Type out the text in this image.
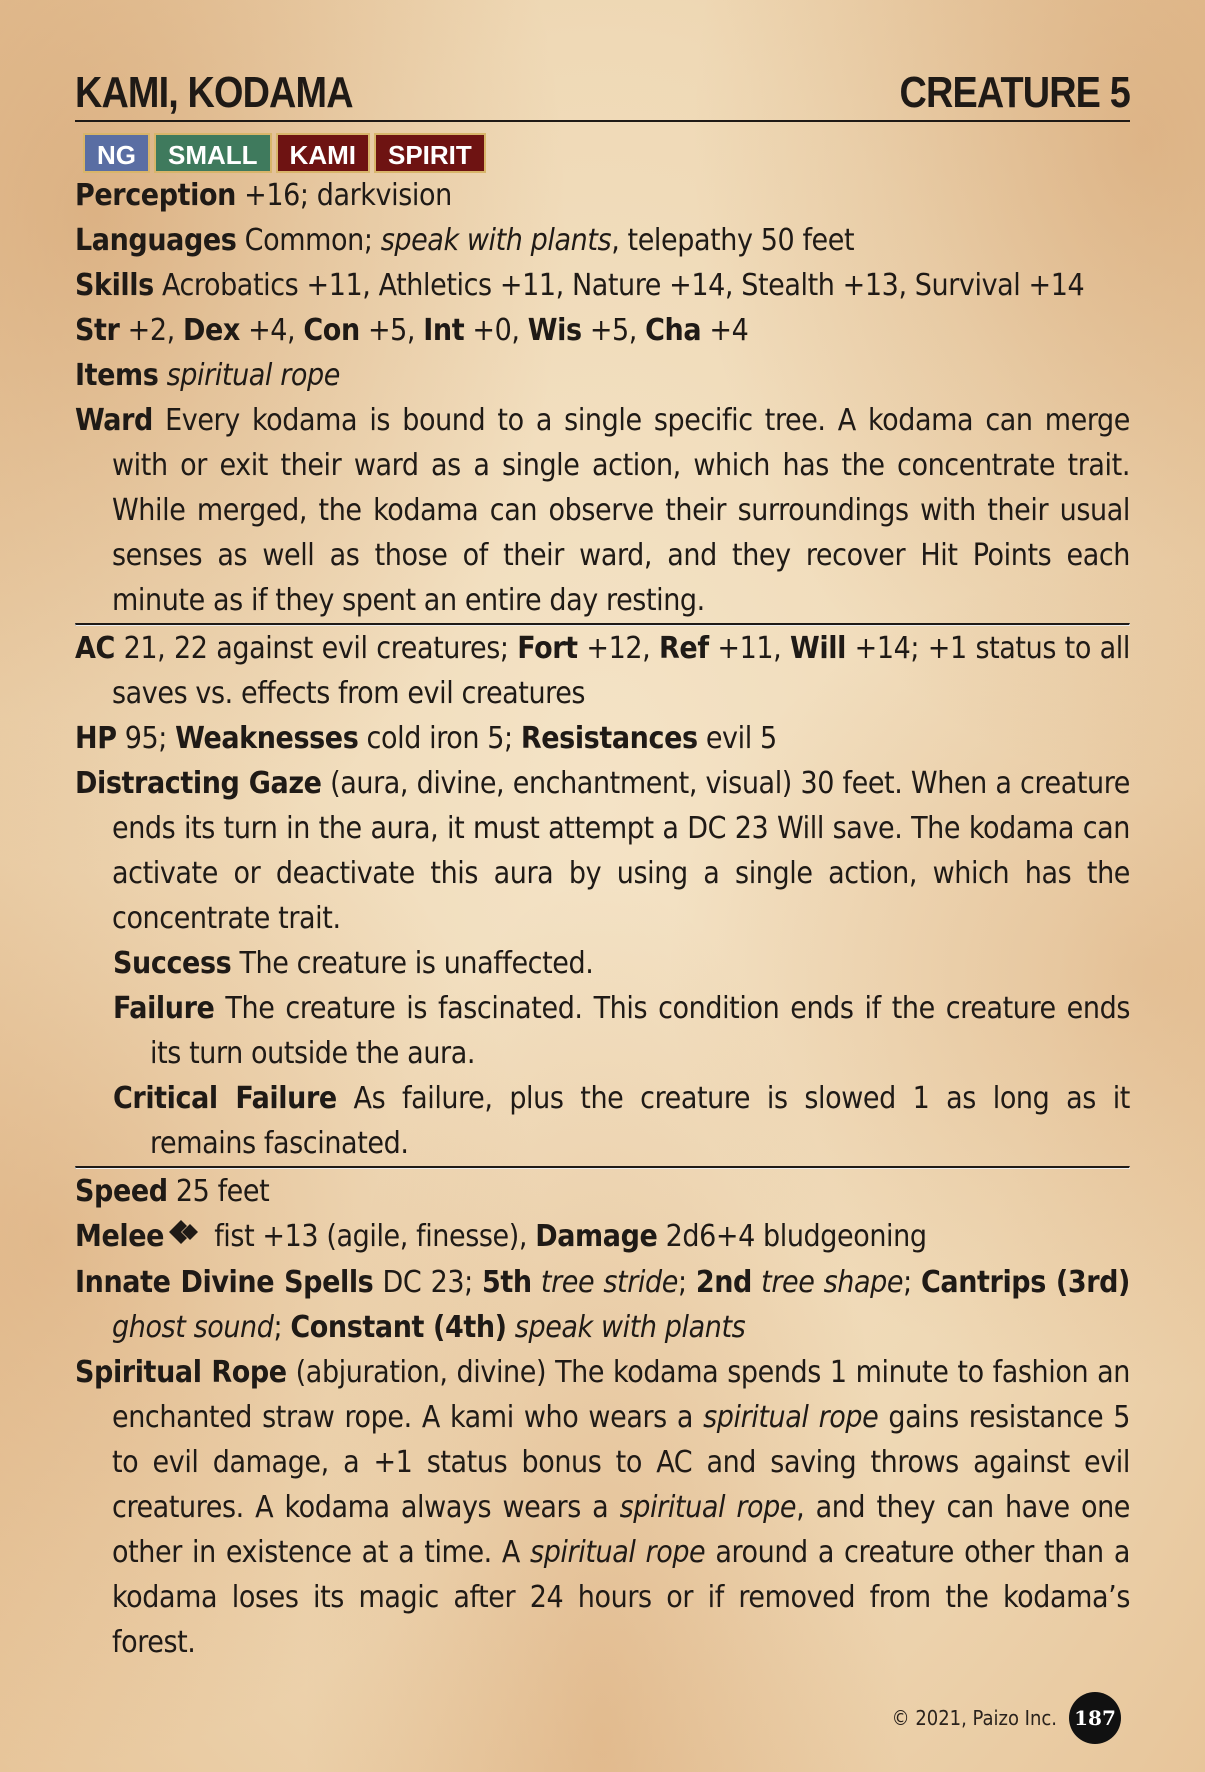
KAMI, KODAMA	CREATURE 5
NG	SMALL	KAMI	SPIRIT
Perception +16; darkvision
Languages Common; speak with plants, telepathy 50 feet
Skills Acrobatics +11, Athletics +11, Nature +14, Stealth +13, Survival +14
Str +2, Dex +4, Con +5, Int +0, Wis +5, Cha +4
Items spiritual rope
Ward Every kodama is bound to a single specific tree. A kodama can merge with or exit their ward as a single action, which has the concentrate trait. While merged, the kodama can observe their surroundings with their usual senses as well as those of their ward, and they recover Hit Points each minute as if they spent an entire day resting.
AC 21, 22 against evil creatures; Fort +12, Ref +11, Will +14; +1 status to all saves vs. effects from evil creatures
HP 95; Weaknesses cold iron 5; Resistances evil 5
Distracting Gaze (aura, divine, enchantment, visual) 30 feet. When a creature ends its turn in the aura, it must attempt a DC 23 Will save. The kodama can activate or deactivate this aura by using a single action, which has the concentrate trait.
Success The creature is unaffected.
Failure The creature is fascinated. This condition ends if the creature ends its turn outside the aura.
Critical Failure As failure, plus the creature is slowed 1 as long as it remains fascinated.
Speed 25 feet
Melee fist +13 (agile, finesse), Damage 2d6+4 bludgeoning
Innate Divine Spells DC 23; 5th tree stride; 2nd tree shape; Cantrips (3rd) ghost sound; Constant (4th) speak with plants
Spiritual Rope (abjuration, divine) The kodama spends 1 minute to fashion an enchanted straw rope. A kami who wears a spiritual rope gains resistance 5 to evil damage, a +1 status bonus to AC and saving throws against evil creatures. A kodama always wears a spiritual rope, and they can have one other in existence at a time. A spiritual rope around a creature other than a kodama loses its magic after 24 hours or if removed from the kodama’s forest.
© 2021, Paizo Inc. 187
